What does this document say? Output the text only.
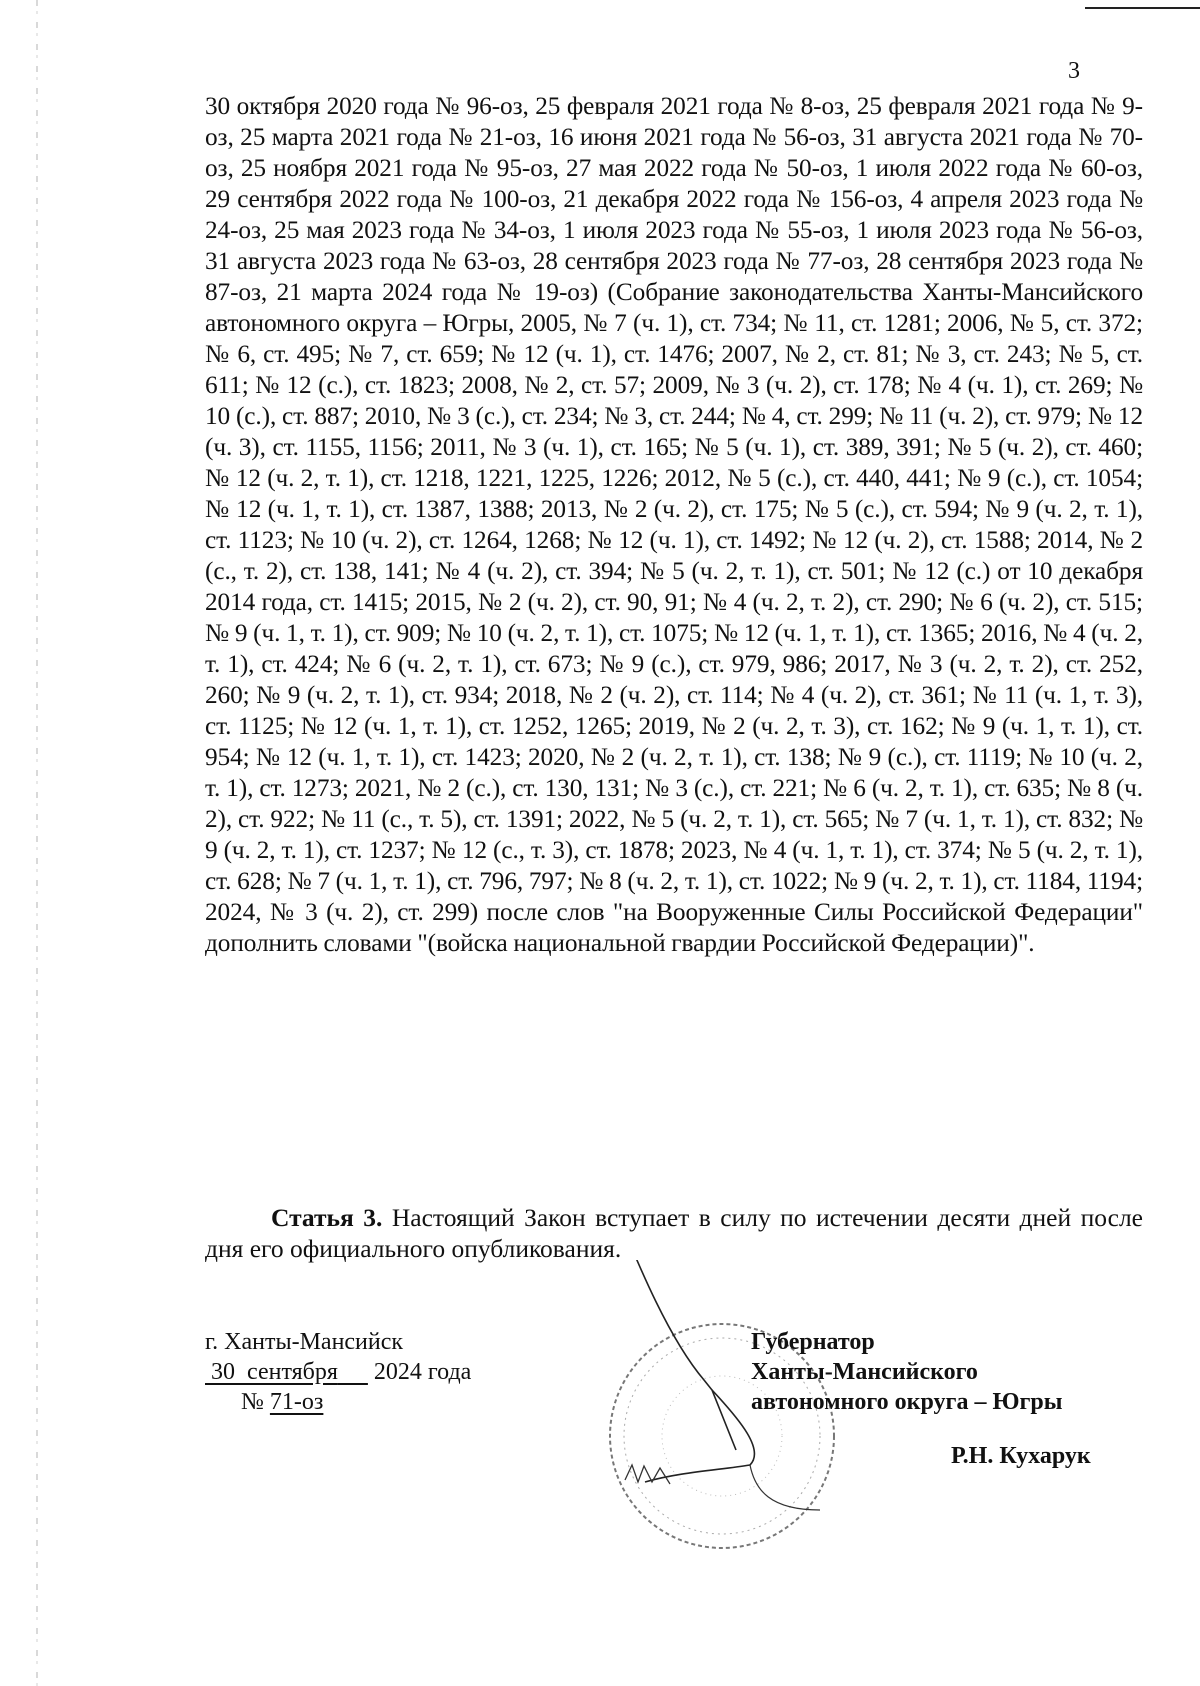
3
30 октября 2020 года № 96-оз, 25 февраля 2021 года № 8-оз, 25 февраля 2021 года № 9-оз, 25 марта 2021 года № 21-оз, 16 июня 2021 года № 56-оз, 31 августа 2021 года № 70-оз, 25 ноября 2021 года № 95-оз, 27 мая 2022 года № 50-оз, 1 июля 2022 года № 60-оз, 29 сентября 2022 года № 100-оз, 21 декабря 2022 года № 156-оз, 4 апреля 2023 года № 24-оз, 25 мая 2023 года № 34-оз, 1 июля 2023 года № 55-оз, 1 июля 2023 года № 56-оз, 31 августа 2023 года № 63-оз, 28 сентября 2023 года № 77-оз, 28 сентября 2023 года № 87-оз, 21 марта 2024 года № 19-оз) (Собрание законодательства Ханты-Мансийского автономного округа – Югры, 2005, № 7 (ч. 1), ст. 734; № 11, ст. 1281; 2006, № 5, ст. 372; № 6, ст. 495; № 7, ст. 659; № 12 (ч. 1), ст. 1476; 2007, № 2, ст. 81; № 3, ст. 243; № 5, ст. 611; № 12 (с.), ст. 1823; 2008, № 2, ст. 57; 2009, № 3 (ч. 2), ст. 178; № 4 (ч. 1), ст. 269; № 10 (с.), ст. 887; 2010, № 3 (с.), ст. 234; № 3, ст. 244; № 4, ст. 299; № 11 (ч. 2), ст. 979; № 12 (ч. 3), ст. 1155, 1156; 2011, № 3 (ч. 1), ст. 165; № 5 (ч. 1), ст. 389, 391; № 5 (ч. 2), ст. 460; № 12 (ч. 2, т. 1), ст. 1218, 1221, 1225, 1226; 2012, № 5 (с.), ст. 440, 441; № 9 (с.), ст. 1054; № 12 (ч. 1, т. 1), ст. 1387, 1388; 2013, № 2 (ч. 2), ст. 175; № 5 (с.), ст. 594; № 9 (ч. 2, т. 1), ст. 1123; № 10 (ч. 2), ст. 1264, 1268; № 12 (ч. 1), ст. 1492; № 12 (ч. 2), ст. 1588; 2014, № 2 (с., т. 2), ст. 138, 141; № 4 (ч. 2), ст. 394; № 5 (ч. 2, т. 1), ст. 501; № 12 (с.) от 10 декабря 2014 года, ст. 1415; 2015, № 2 (ч. 2), ст. 90, 91; № 4 (ч. 2, т. 2), ст. 290; № 6 (ч. 2), ст. 515; № 9 (ч. 1, т. 1), ст. 909; № 10 (ч. 2, т. 1), ст. 1075; № 12 (ч. 1, т. 1), ст. 1365; 2016, № 4 (ч. 2, т. 1), ст. 424; № 6 (ч. 2, т. 1), ст. 673; № 9 (с.), ст. 979, 986; 2017, № 3 (ч. 2, т. 2), ст. 252, 260; № 9 (ч. 2, т. 1), ст. 934; 2018, № 2 (ч. 2), ст. 114; № 4 (ч. 2), ст. 361; № 11 (ч. 1, т. 3), ст. 1125; № 12 (ч. 1, т. 1), ст. 1252, 1265; 2019, № 2 (ч. 2, т. 3), ст. 162; № 9 (ч. 1, т. 1), ст. 954; № 12 (ч. 1, т. 1), ст. 1423; 2020, № 2 (ч. 2, т. 1), ст. 138; № 9 (с.), ст. 1119; № 10 (ч. 2, т. 1), ст. 1273; 2021, № 2 (с.), ст. 130, 131; № 3 (с.), ст. 221; № 6 (ч. 2, т. 1), ст. 635; № 8 (ч. 2), ст. 922; № 11 (с., т. 5), ст. 1391; 2022, № 5 (ч. 2, т. 1), ст. 565; № 7 (ч. 1, т. 1), ст. 832; № 9 (ч. 2, т. 1), ст. 1237; № 12 (с., т. 3), ст. 1878; 2023, № 4 (ч. 1, т. 1), ст. 374; № 5 (ч. 2, т. 1), ст. 628; № 7 (ч. 1, т. 1), ст. 796, 797; № 8 (ч. 2, т. 1), ст. 1022; № 9 (ч. 2, т. 1), ст. 1184, 1194; 2024, № 3 (ч. 2), ст. 299) после слов "на Вооруженные Силы Российской Федерации" дополнить словами "(войска национальной гвардии Российской Федерации)".
Статья 3. Настоящий Закон вступает в силу по истечении десяти дней после дня его официального опубликования.
г. Ханты-Мансийск
30 сентября 2024 года
№ 71-оз
Губернатор
Ханты-Мансийского
автономного округа – Югры
Р.Н. Кухарук
